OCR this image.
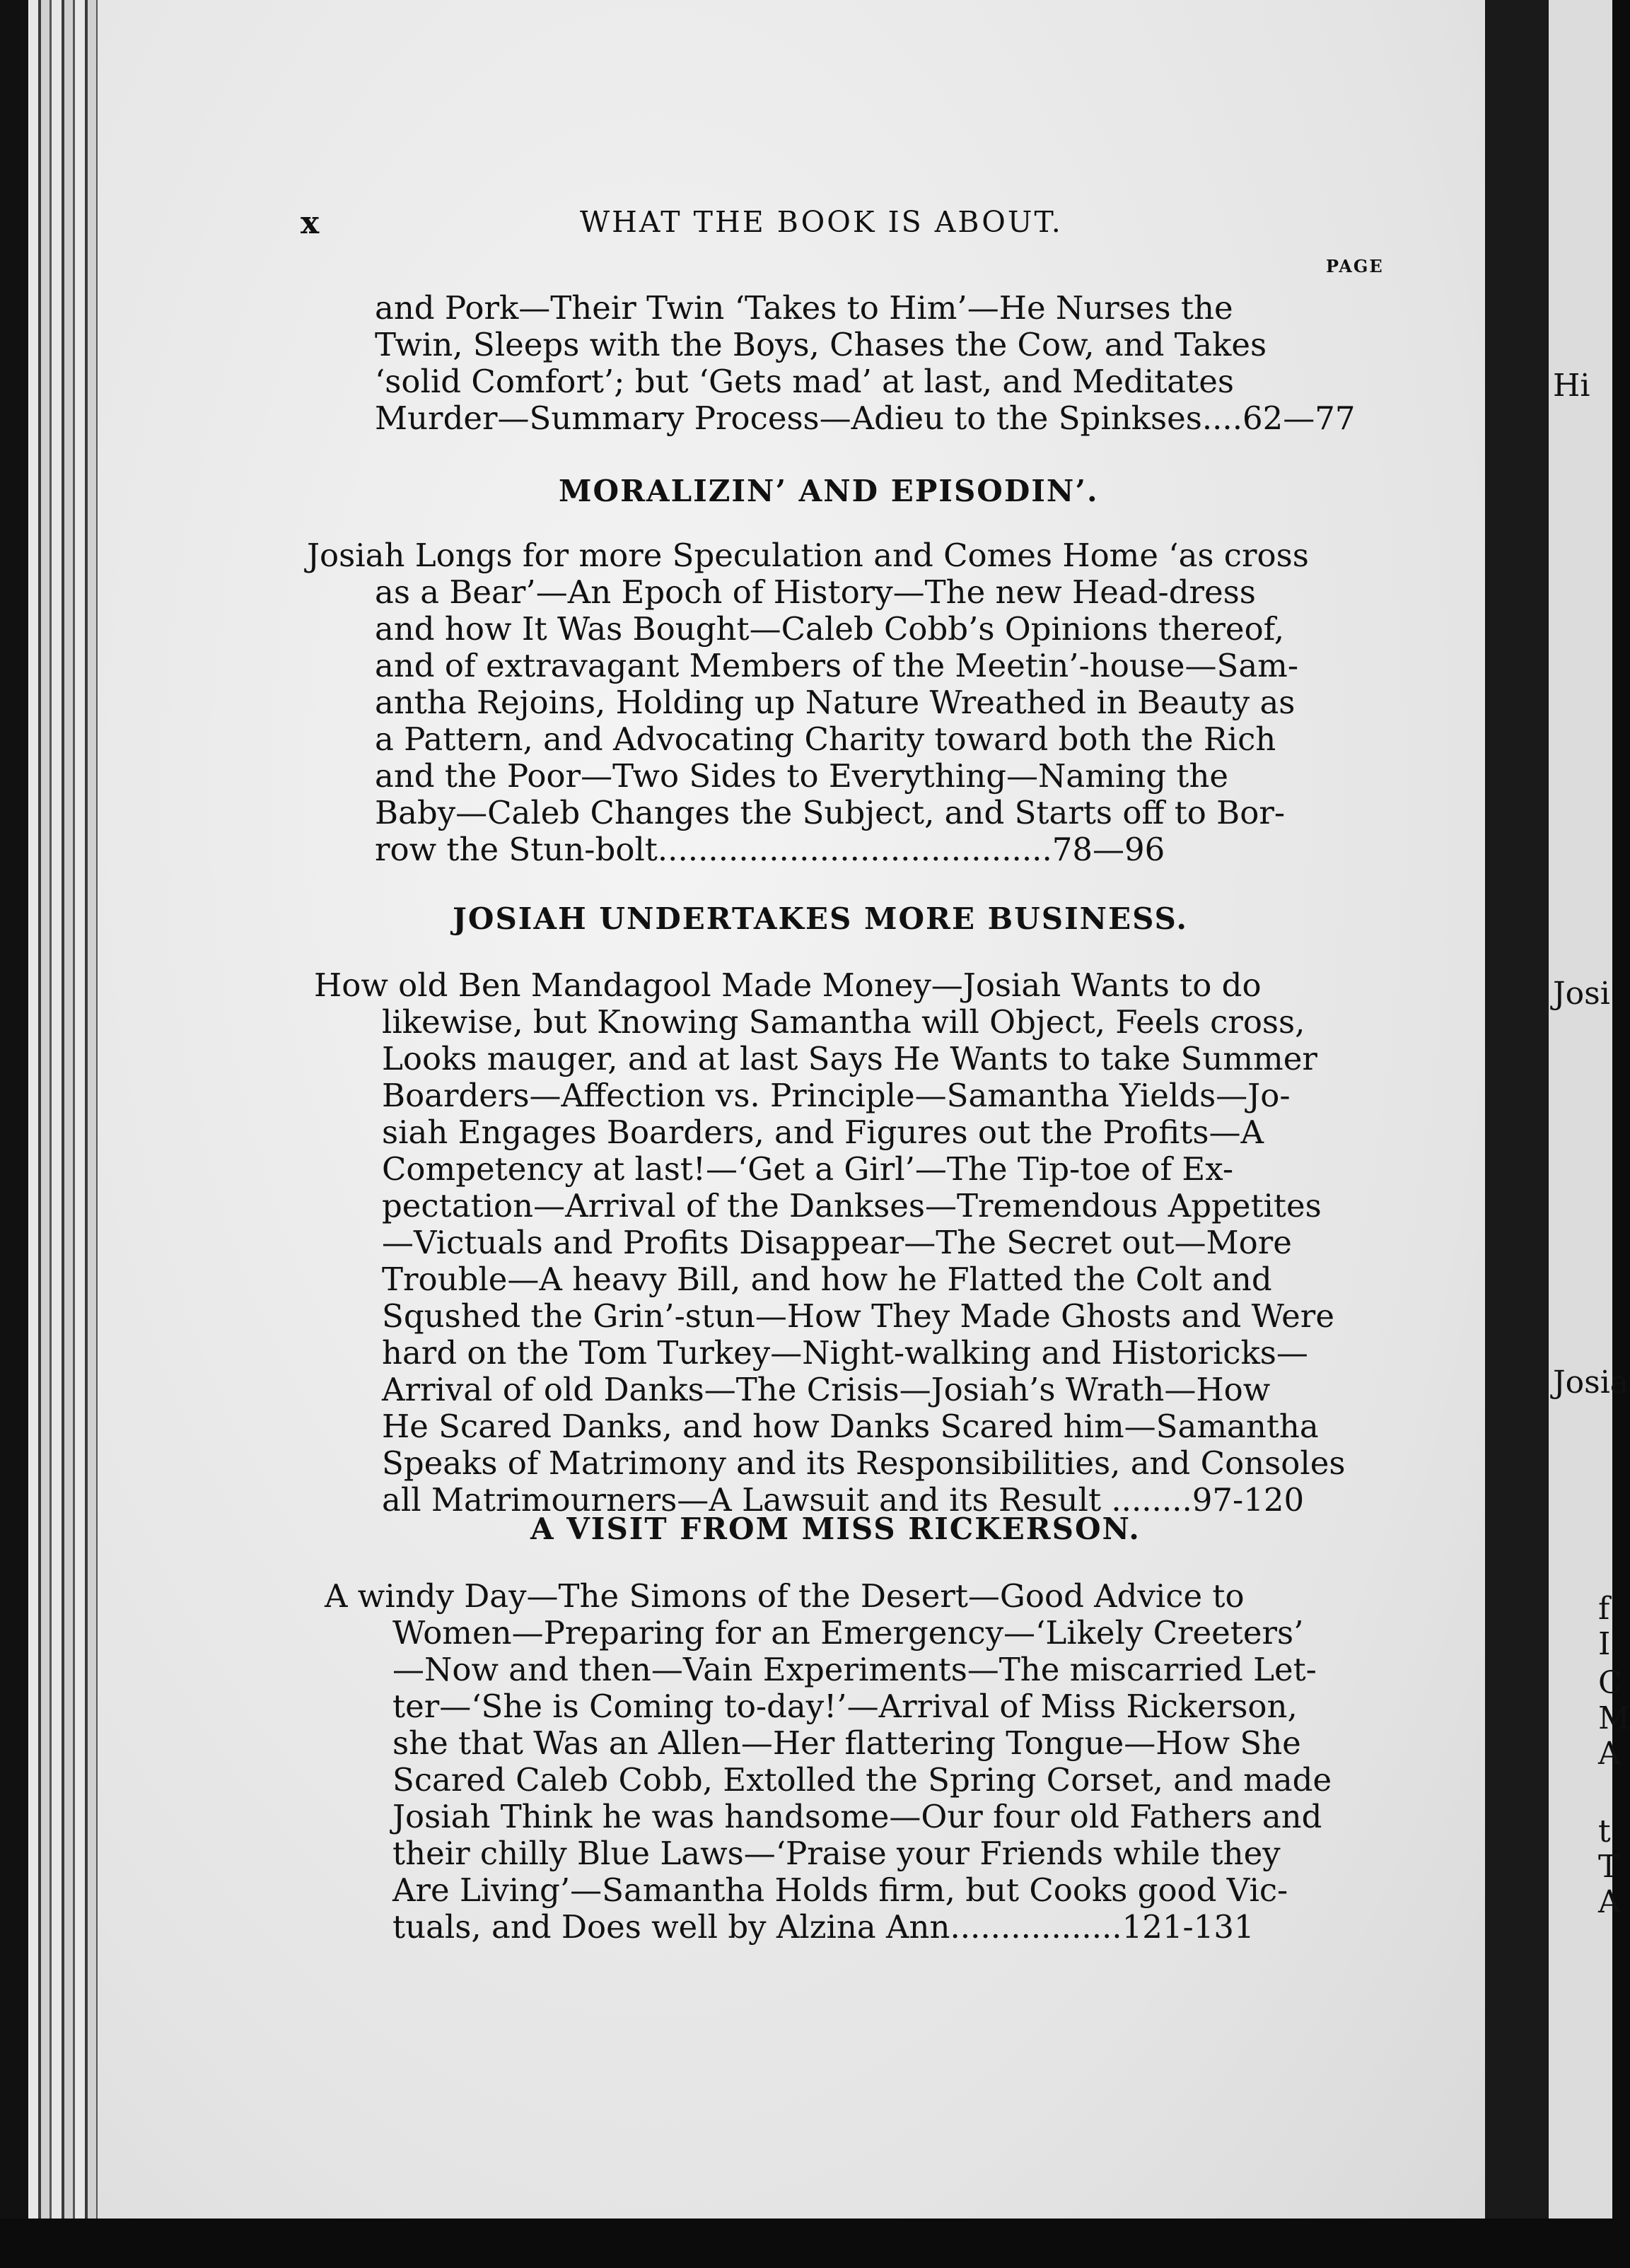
Hi
Josi
Josia
f
I
C
M
A
t
T
A
x	WHAT THE BOOK IS ABOUT.
PAGE
and Pork—Their Twin ‘Takes to Him’—He Nurses the
Twin, Sleeps with the Boys, Chases the Cow, and Takes
‘solid Comfort’; but ‘Gets mad’ at last, and Meditates
Murder—Summary Process—Adieu to the Spinkses....62—77
MORALIZIN’ AND EPISODIN’.
Josiah Longs for more Speculation and Comes Home ‘as cross
as a Bear’—An Epoch of History—The new Head-dress
and how It Was Bought—Caleb Cobb’s Opinions thereof,
and of extravagant Members of the Meetin’-house—Sam-
antha Rejoins, Holding up Nature Wreathed in Beauty as
a Pattern, and Advocating Charity toward both the Rich
and the Poor—Two Sides to Everything—Naming the
Baby—Caleb Changes the Subject, and Starts off to Bor-
row the Stun-bolt.......................................78—96
JOSIAH UNDERTAKES MORE BUSINESS.
How old Ben Mandagool Made Money—Josiah Wants to do
likewise, but Knowing Samantha will Object, Feels cross,
Looks mauger, and at last Says He Wants to take Summer
Boarders—Affection vs. Principle—Samantha Yields—Jo-
siah Engages Boarders, and Figures out the Profits—A
Competency at last!—‘Get a Girl’—The Tip-toe of Ex-
pectation—Arrival of the Dankses—Tremendous Appetites
—Victuals and Profits Disappear—The Secret out—More
Trouble—A heavy Bill, and how he Flatted the Colt and
Squshed the Grin’-stun—How They Made Ghosts and Were
hard on the Tom Turkey—Night-walking and Historicks—
Arrival of old Danks—The Crisis—Josiah’s Wrath—How
He Scared Danks, and how Danks Scared him—Samantha
Speaks of Matrimony and its Responsibilities, and Consoles
all Matrimourners—A Lawsuit and its Result ........97-120
A VISIT FROM MISS RICKERSON.
A windy Day—The Simons of the Desert—Good Advice to
Women—Preparing for an Emergency—‘Likely Creeters’
—Now and then—Vain Experiments—The miscarried Let-
ter—‘She is Coming to-day!’—Arrival of Miss Rickerson,
she that Was an Allen—Her flattering Tongue—How She
Scared Caleb Cobb, Extolled the Spring Corset, and made
Josiah Think he was handsome—Our four old Fathers and
their chilly Blue Laws—‘Praise your Friends while they
Are Living’—Samantha Holds firm, but Cooks good Vic-
tuals, and Does well by Alzina Ann.................121-131
